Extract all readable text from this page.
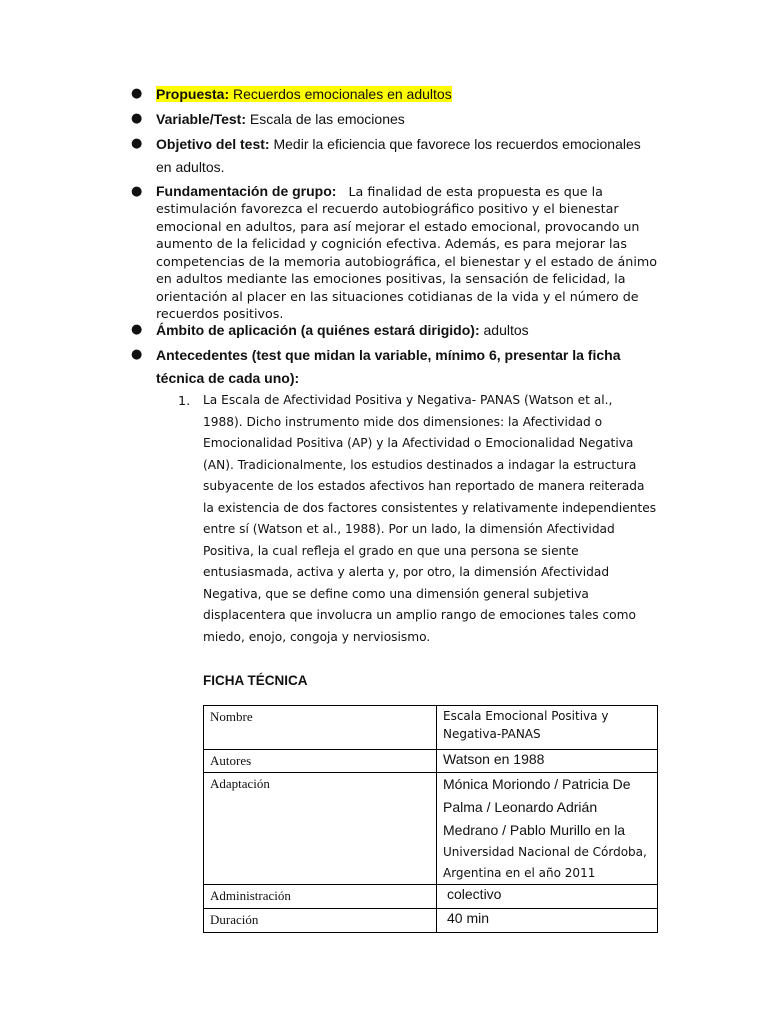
● Propuesta: Recuerdos emocionales en adultos
● Variable/Test: Escala de las emociones
● Objetivo del test: Medir la eficiencia que favorece los recuerdos emocionales
en adultos.
● Fundamentación de grupo: La finalidad de esta propuesta es que la
estimulación favorezca el recuerdo autobiográfico positivo y el bienestar
emocional en adultos, para así mejorar el estado emocional, provocando un
aumento de la felicidad y cognición efectiva. Además, es para mejorar las
competencias de la memoria autobiográfica, el bienestar y el estado de ánimo
en adultos mediante las emociones positivas, la sensación de felicidad, la
orientación al placer en las situaciones cotidianas de la vida y el número de
recuerdos positivos.
● Ámbito de aplicación (a quiénes estará dirigido): adultos
● Antecedentes (test que midan la variable, mínimo 6, presentar la ficha
técnica de cada uno):
1. La Escala de Afectividad Positiva y Negativa- PANAS (Watson et al.,
1988). Dicho instrumento mide dos dimensiones: la Afectividad o
Emocionalidad Positiva (AP) y la Afectividad o Emocionalidad Negativa
(AN). Tradicionalmente, los estudios destinados a indagar la estructura
subyacente de los estados afectivos han reportado de manera reiterada
la existencia de dos factores consistentes y relativamente independientes
entre sí (Watson et al., 1988). Por un lado, la dimensión Afectividad
Positiva, la cual refleja el grado en que una persona se siente
entusiasmada, activa y alerta y, por otro, la dimensión Afectividad
Negativa, que se define como una dimensión general subjetiva
displacentera que involucra un amplio rango de emociones tales como
miedo, enojo, congoja y nerviosismo.
FICHA TÉCNICA
Nombre	Escala Emocional Positiva y
Negativa-PANAS

Autores	Watson en 1988

Adaptación	Mónica Moriondo / Patricia De
Palma / Leonardo Adrián
Medrano / Pablo Murillo en la
Universidad Nacional de Córdoba,
Argentina en el año 2011

Administración	colectivo

Duración	40 min
